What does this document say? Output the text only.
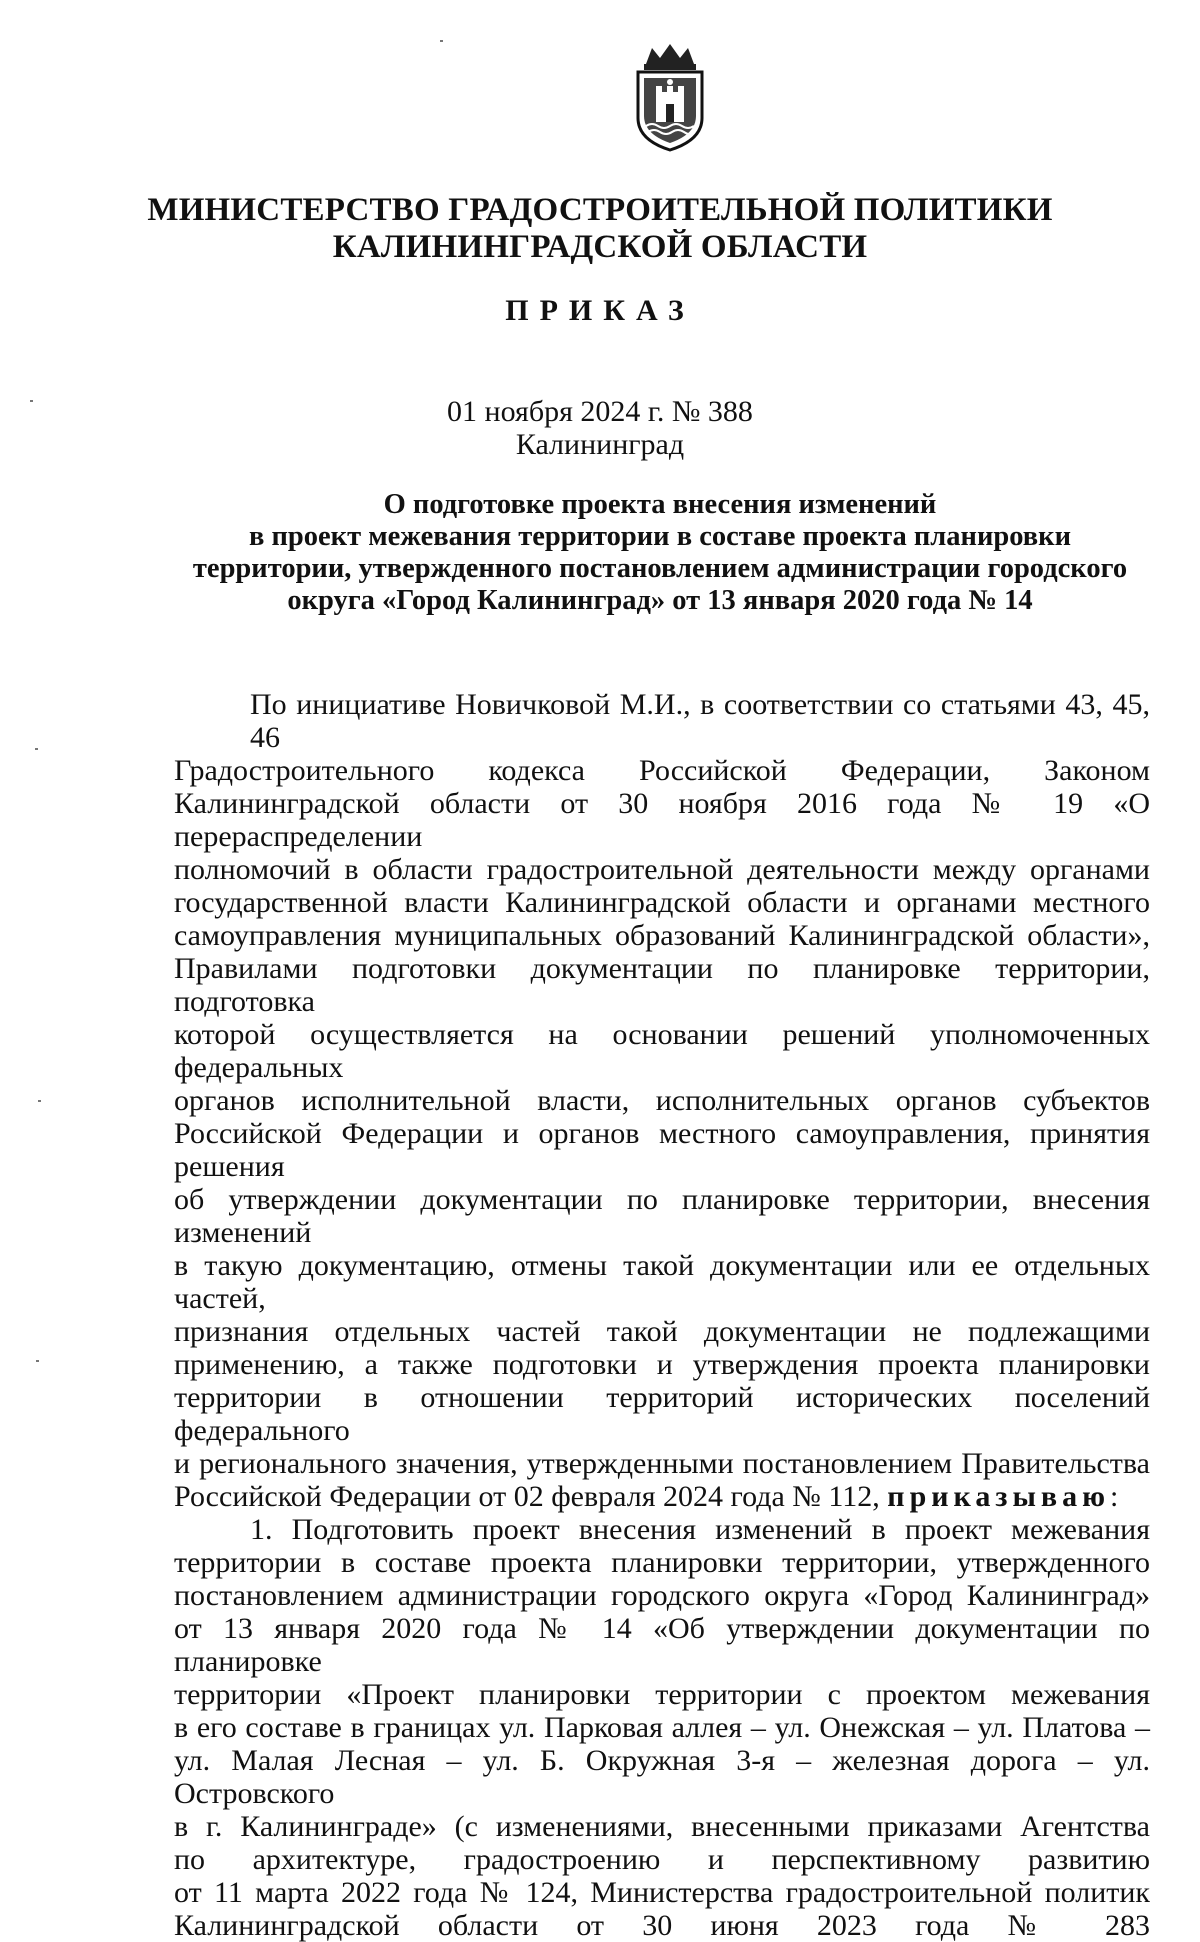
МИНИСТЕРСТВО ГРАДОСТРОИТЕЛЬНОЙ ПОЛИТИКИ
КАЛИНИНГРАДСКОЙ ОБЛАСТИ
ПРИКАЗ
01 ноября 2024 г. № 388
Калининград
О подготовке проекта внесения изменений
в проект межевания территории в составе проекта планировки
территории, утвержденного постановлением администрации городского
округа «Город Калининград» от 13 января 2020 года № 14
По инициативе Новичковой М.И., в соответствии со статьями 43, 45, 46
Градостроительного кодекса Российской Федерации, Законом
Калининградской области от 30 ноября 2016 года № 19 «О перераспределении
полномочий в области градостроительной деятельности между органами
государственной власти Калининградской области и органами местного
самоуправления муниципальных образований Калининградской области»,
Правилами подготовки документации по планировке территории, подготовка
которой осуществляется на основании решений уполномоченных федеральных
органов исполнительной власти, исполнительных органов субъектов
Российской Федерации и органов местного самоуправления, принятия решения
об утверждении документации по планировке территории, внесения изменений
в такую документацию, отмены такой документации или ее отдельных частей,
признания отдельных частей такой документации не подлежащими
применению, а также подготовки и утверждения проекта планировки
территории в отношении территорий исторических поселений федерального
и регионального значения, утвержденными постановлением Правительства
Российской Федерации от 02 февраля 2024 года № 112, приказываю:
1. Подготовить проект внесения изменений в проект межевания
территории в составе проекта планировки территории, утвержденного
постановлением администрации городского округа «Город Калининград»
от 13 января 2020 года № 14 «Об утверждении документации по планировке
территории «Проект планировки территории с проектом межевания
в его составе в границах ул. Парковая аллея – ул. Онежская – ул. Платова –
ул. Малая Лесная – ул. Б. Окружная 3-я – железная дорога – ул. Островского
в г. Калининграде» (с изменениями, внесенными приказами Агентства
по архитектуре, градостроению и перспективному развитию
от 11 марта 2022 года № 124, Министерства градостроительной политик
Калининградской области от 30 июня 2023 года № 283
